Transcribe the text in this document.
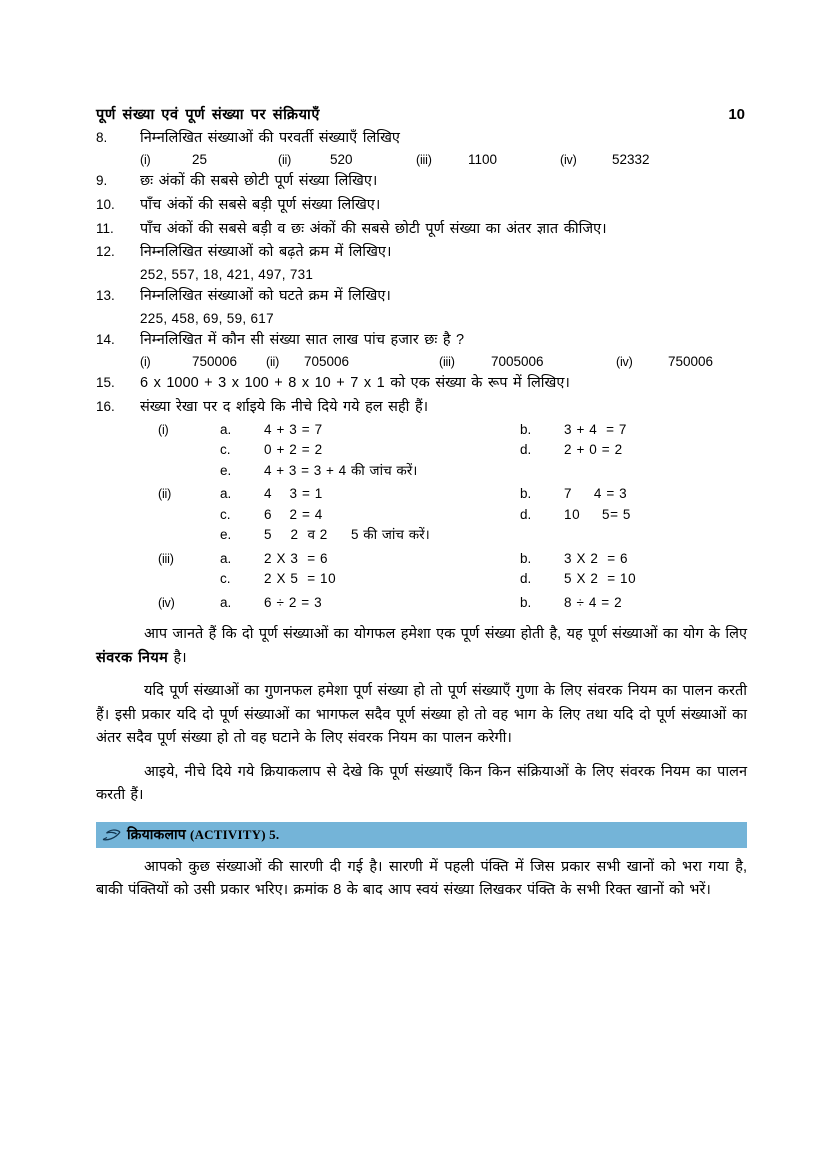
पूर्ण संख्या एवं पूर्ण संख्या पर संक्रियाएँ	10
8.	निम्नलिखित संख्याओं की परवर्ती संख्याएँ लिखिए
( i )	25	( ii )	520	( iii )	1100	( iv )	52332
9.	छः अंकों की सबसे छोटी पूर्ण संख्या लिखिए।
10.	पाँच अंकों की सबसे बड़ी पूर्ण संख्या लिखिए।
11.	पाँच अंकों की सबसे बड़ी व छः अंकों की सबसे छोटी पूर्ण संख्या का अंतर ज्ञात कीजिए।
12.	निम्नलिखित संख्याओं को बढ़ते क्रम में लिखिए।
252, 557, 18, 421, 497, 731
13.	निम्नलिखित संख्याओं को घटते क्रम में लिखिए।
225, 458, 69, 59, 617
14.	निम्नलिखित में कौन सी संख्या सात लाख पांच हजार छः है ?
( i )	750006	( ii )	705006	( iii )	7005006	( iv )	750006
15.	6 x 1000 + 3 x 100 + 8 x 10 + 7 x 1 को एक संख्या के रूप में लिखिए।
16.	संख्या रेखा पर द र्शाइये कि नीचे दिये गये हल सही हैं।
( i )	a.	4 + 3 = 7	b.	3 + 4  = 7
c.	0 + 2 = 2	d.	2 + 0 = 2
e.	4 + 3 = 3 + 4 की जांच करें।
( ii )	a.	4    3 = 1	b.	7     4 = 3
c.	6    2 = 4	d.	10     5= 5
e.	5    2  व 2     5 की जांच करें।
( iii )	a.	2 X 3  = 6	b.	3 X 2  = 6
c.	2 X 5  = 10	d.	5 X 2  = 10
( iv )	a.	6 ÷ 2 = 3	b.	8 ÷ 4 = 2
आप जानते हैं कि दो पूर्ण संख्याओं का योगफल हमेशा एक पूर्ण संख्या होती है, यह पूर्ण संख्याओं का योग के लिए संवरक नियम है।
यदि पूर्ण संख्याओं का गुणनफल हमेशा पूर्ण संख्या हो तो पूर्ण संख्याएँ गुणा के लिए संवरक नियम का पालन करती हैं। इसी प्रकार यदि दो पूर्ण संख्याओं का भागफल सदैव पूर्ण संख्या हो तो वह भाग के लिए तथा यदि दो पूर्ण संख्याओं का अंतर सदैव पूर्ण संख्या हो तो वह घटाने के लिए संवरक नियम का पालन करेगी।
आइये, नीचे दिये गये क्रियाकलाप से देखे कि पूर्ण संख्याएँ किन किन संक्रियाओं के लिए संवरक नियम का पालन करती हैं।
क्रियाकलाप (ACTIVITY) 5.
आपको कुछ संख्याओं की सारणी दी गई है। सारणी में पहली पंक्ति में जिस प्रकार सभी खानों को भरा गया है, बाकी पंक्तियों को उसी प्रकार भरिए। क्रमांक 8 के बाद आप स्वयं संख्या लिखकर पंक्ति के सभी रिक्त खानों को भरें।
